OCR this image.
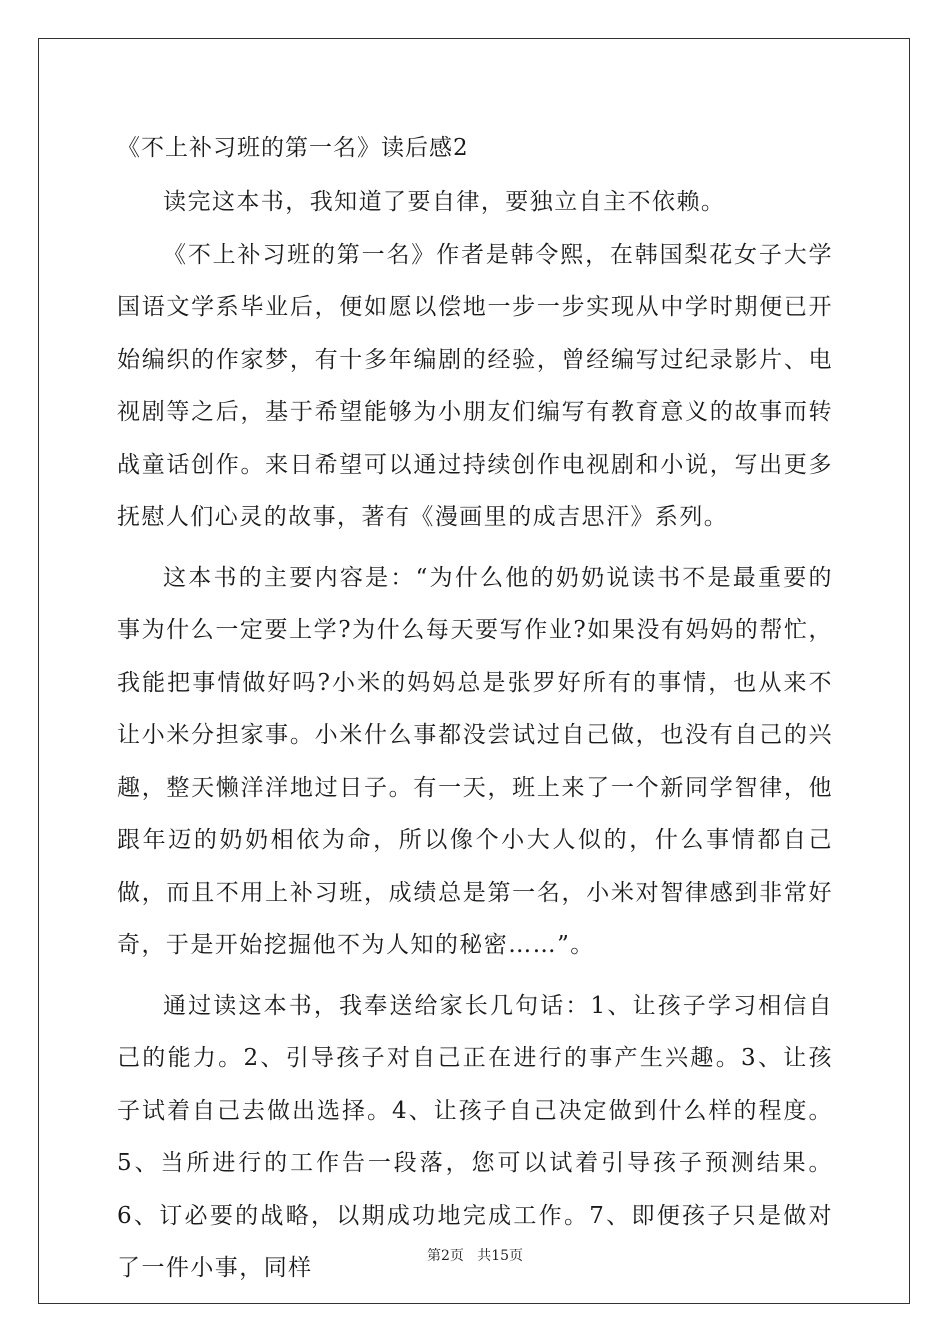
《不上补习班的第一名》读后感2

读完这本书，我知道了要自律，要独立自主不依赖。

《不上补习班的第一名》作者是韩令熙，在韩国梨花女子大学国语文学系毕业后，便如愿以偿地一步一步实现从中学时期便已开始编织的作家梦，有十多年编剧的经验，曾经编写过纪录影片、电视剧等之后，基于希望能够为小朋友们编写有教育意义的故事而转战童话创作。来日希望可以通过持续创作电视剧和小说，写出更多抚慰人们心灵的故事，著有《漫画里的成吉思汗》系列。

这本书的主要内容是：“为什么他的奶奶说读书不是最重要的事为什么一定要上学?为什么每天要写作业?如果没有妈妈的帮忙，我能把事情做好吗?小米的妈妈总是张罗好所有的事情，也从来不让小米分担家事。小米什么事都没尝试过自己做，也没有自己的兴趣，整天懒洋洋地过日子。有一天，班上来了一个新同学智律，他跟年迈的奶奶相依为命，所以像个小大人似的，什么事情都自己做，而且不用上补习班，成绩总是第一名，小米对智律感到非常好奇，于是开始挖掘他不为人知的秘密……”。

通过读这本书，我奉送给家长几句话：1、让孩子学习相信自己的能力。2、引导孩子对自己正在进行的事产生兴趣。3、让孩子试着自己去做出选择。4、让孩子自己决定做到什么样的程度。5、当所进行的工作告一段落，您可以试着引导孩子预测结果。6、订必要的战略，以期成功地完成工作。7、即便孩子只是做对了一件小事，同样	第2页   共15页
